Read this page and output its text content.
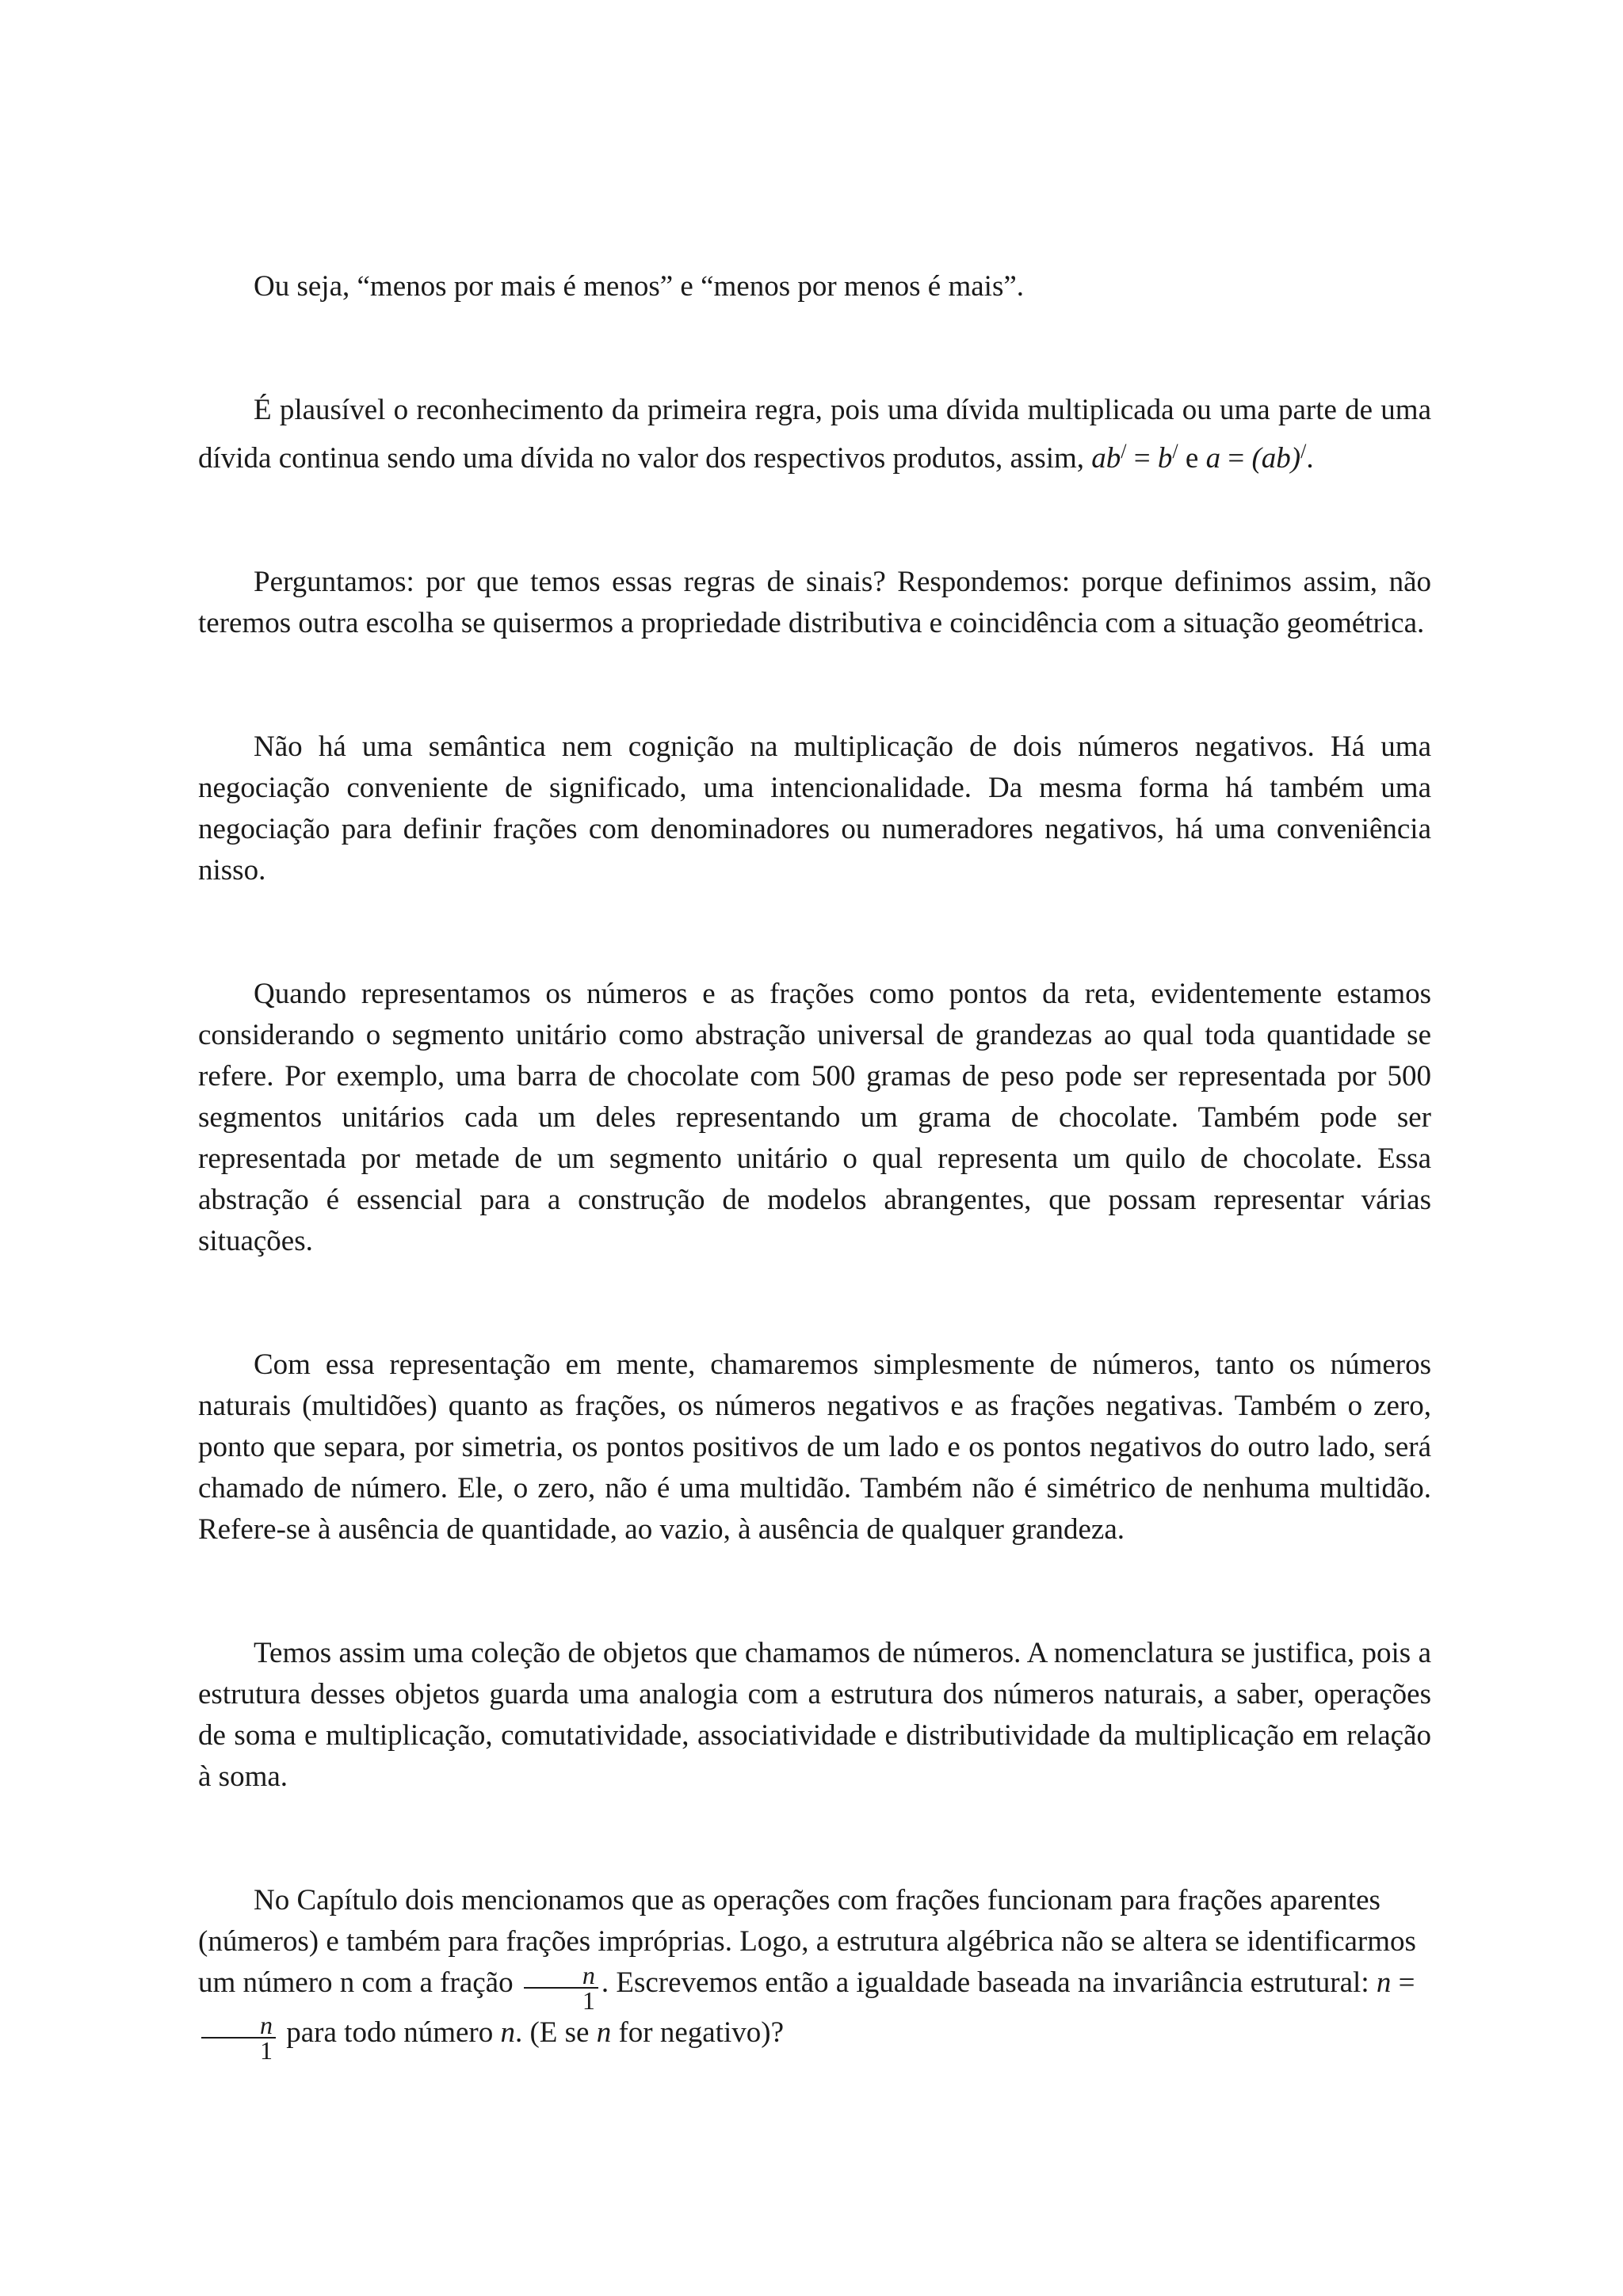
Ou seja, “menos por mais é menos” e “menos por menos é mais”.

É plausível o reconhecimento da primeira regra, pois uma dívida multiplicada ou uma parte de uma dívida continua sendo uma dívida no valor dos respectivos produtos, assim, ab/ = b/ e a = (ab)/.

Perguntamos: por que temos essas regras de sinais? Respondemos: porque definimos assim, não teremos outra escolha se quisermos a propriedade distributiva e coincidência com a situação geométrica.

Não há uma semântica nem cognição na multiplicação de dois números negativos. Há uma negociação conveniente de significado, uma intencionalidade. Da mesma forma há também uma negociação para definir frações com denominadores ou numeradores negativos, há uma conveniência nisso.

Quando representamos os números e as frações como pontos da reta, evidentemente estamos considerando o segmento unitário como abstração universal de grandezas ao qual toda quantidade se refere. Por exemplo, uma barra de chocolate com 500 gramas de peso pode ser representada por 500 segmentos unitários cada um deles representando um grama de chocolate. Também pode ser representada por metade de um segmento unitário o qual representa um quilo de chocolate. Essa abstração é essencial para a construção de modelos abrangentes, que possam representar várias situações.

Com essa representação em mente, chamaremos simplesmente de números, tanto os números naturais (multidões) quanto as frações, os números negativos e as frações negativas. Também o zero, ponto que separa, por simetria, os pontos positivos de um lado e os pontos negativos do outro lado, será chamado de número. Ele, o zero, não é uma multidão. Também não é simétrico de nenhuma multidão. Refere-se à ausência de quantidade, ao vazio, à ausência de qualquer grandeza.

Temos assim uma coleção de objetos que chamamos de números. A nomenclatura se justifica, pois a estrutura desses objetos guarda uma analogia com a estrutura dos números naturais, a saber, operações de soma e multiplicação, comutatividade, associatividade e distributividade da multiplicação em relação à soma.

No Capítulo dois mencionamos que as operações com frações funcionam para frações aparentes (números) e também para frações impróprias. Logo, a estrutura algébrica não se altera se identificarmos um número n com a fração $\frac{n}{1}$ . Escrevemos então a igualdade baseada na invariância estrutural: n =
$\frac{n}{1}$ para todo número n. (E se n for negativo)?
